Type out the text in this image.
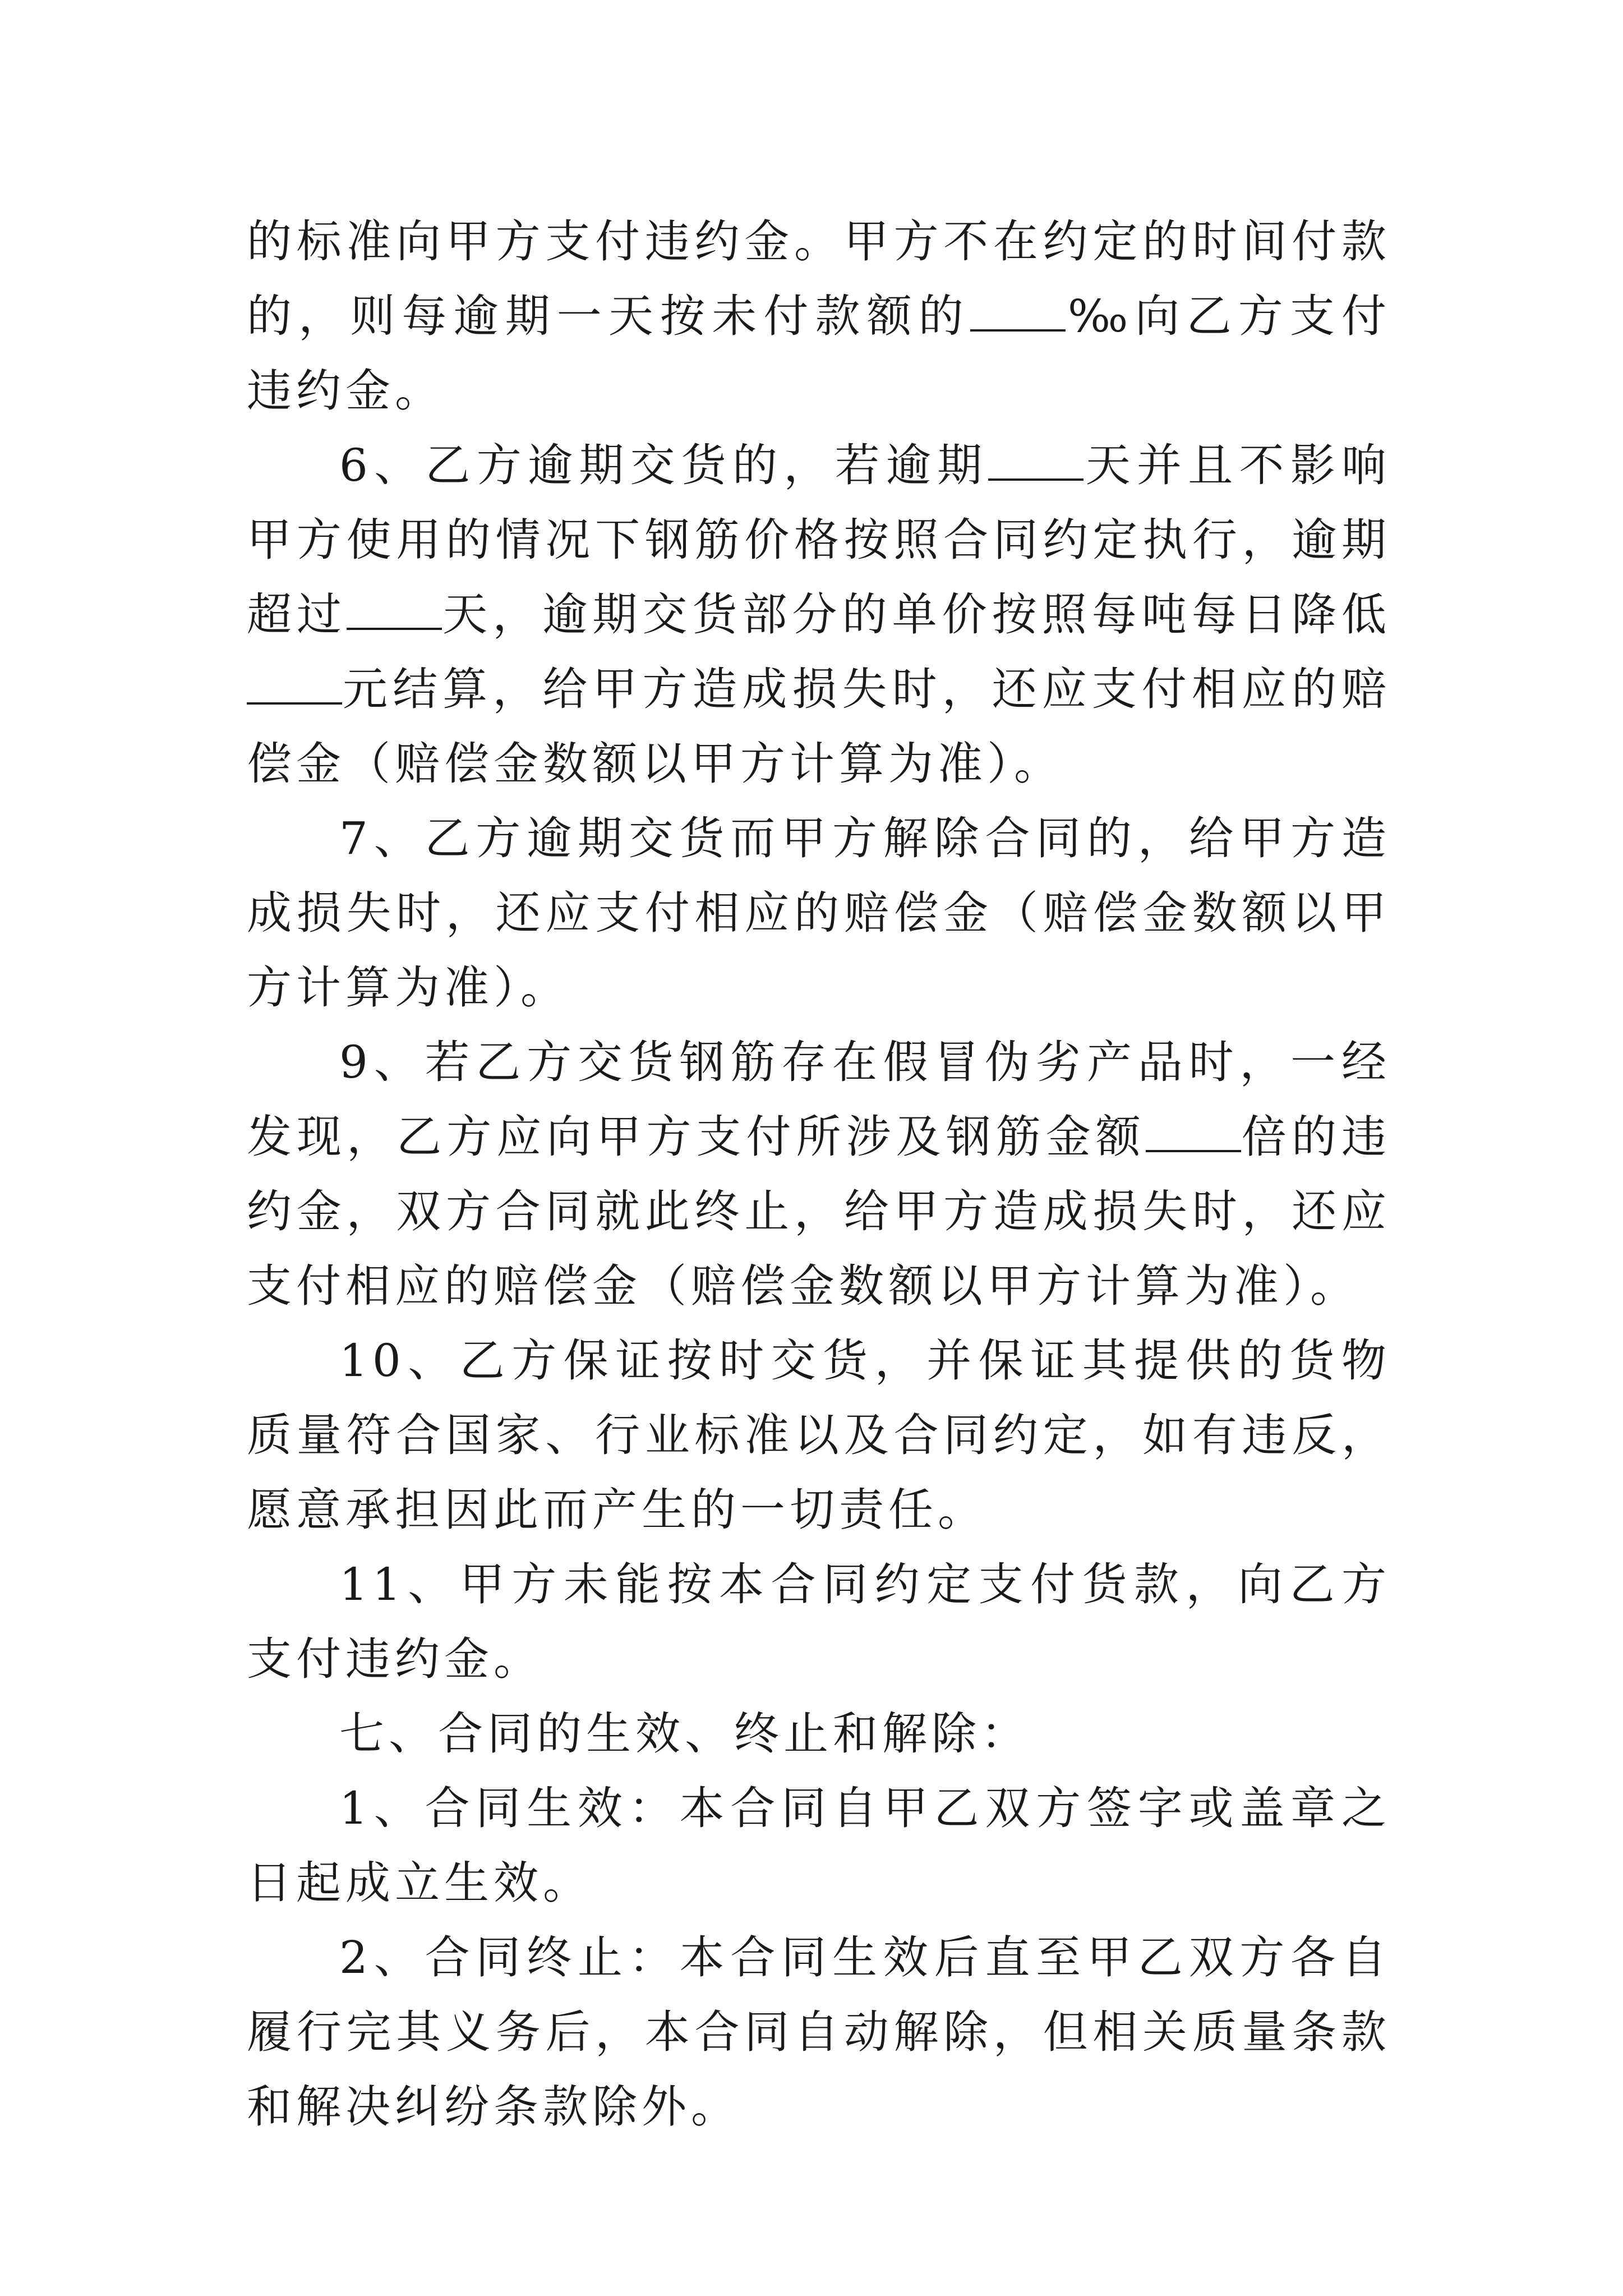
的标准向甲方支付违约金。甲方不在约定的时间付款的，则每逾期一天按未付款额的 ‰向乙方支付违约金。

6、乙方逾期交货的，若逾期 天并且不影响甲方使用的情况下钢筋价格按照合同约定执行，逾期超过 天，逾期交货部分的单价按照每吨每日降低元结算，给甲方造成损失时，还应支付相应的赔偿金（赔偿金数额以甲方计算为准）。

7、乙方逾期交货而甲方解除合同的，给甲方造成损失时，还应支付相应的赔偿金（赔偿金数额以甲方计算为准）。

9、若乙方交货钢筋存在假冒伪劣产品时，一经发现，乙方应向甲方支付所涉及钢筋金额 倍的违约金，双方合同就此终止，给甲方造成损失时，还应支付相应的赔偿金（赔偿金数额以甲方计算为准）。

10、乙方保证按时交货，并保证其提供的货物质量符合国家、行业标准以及合同约定，如有违反，愿意承担因此而产生的一切责任。

11、甲方未能按本合同约定支付货款，向乙方支付违约金。

七、合同的生效、终止和解除：

1、合同生效：本合同自甲乙双方签字或盖章之日起成立生效。

2、合同终止：本合同生效后直至甲乙双方各自履行完其义务后，本合同自动解除，但相关质量条款和解决纠纷条款除外。
